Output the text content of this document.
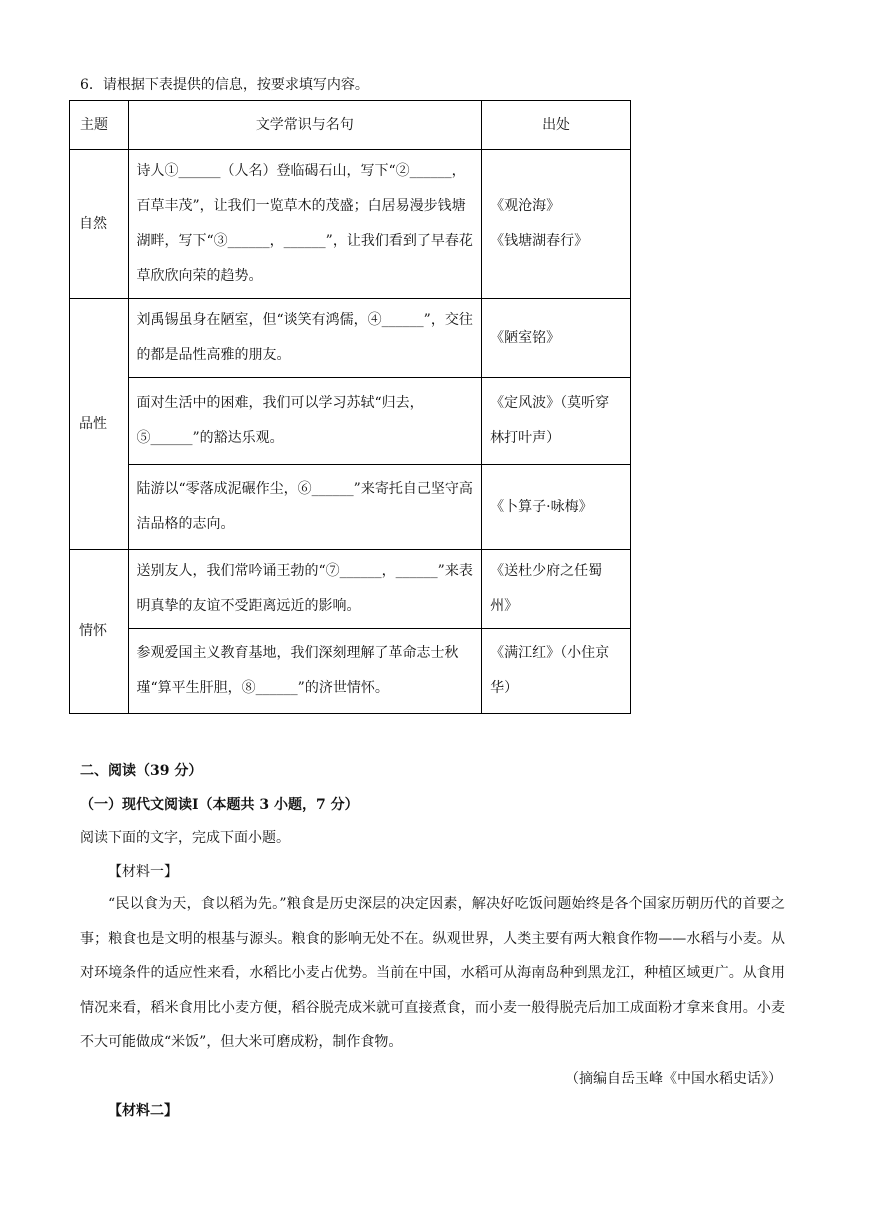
6．请根据下表提供的信息，按要求填写内容。
主题	文学常识与名句	出处
自然	诗人①______（人名）登临碣石山，写下“②______，百草丰茂”，让我们一览草木的茂盛；白居易漫步钱塘湖畔，写下“③______，______”，让我们看到了早春花草欣欣向荣的趋势。	《观沧海》
《钱塘湖春行》
品性	刘禹锡虽身在陋室，但“谈笑有鸿儒，④______”，交往的都是品性高雅的朋友。	《陋室铭》
	面对生活中的困难，我们可以学习苏轼“归去，⑤______”的豁达乐观。	《定风波》（莫听穿林打叶声）
	陆游以“零落成泥碾作尘，⑥______”来寄托自己坚守高洁品格的志向。	《卜算子·咏梅》
情怀	送别友人，我们常吟诵王勃的“⑦______，______”来表明真挚的友谊不受距离远近的影响。	《送杜少府之任蜀州》
	参观爱国主义教育基地，我们深刻理解了革命志士秋瑾“算平生肝胆，⑧______”的济世情怀。	《满江红》（小住京华）
二、阅读（39 分）
（一）现代文阅读Ⅰ（本题共 3 小题，7 分）
阅读下面的文字，完成下面小题。
【材料一】
“民以食为天，食以稻为先。”粮食是历史深层的决定因素，解决好吃饭问题始终是各个国家历朝历代的首要之事；粮食也是文明的根基与源头。粮食的影响无处不在。纵观世界，人类主要有两大粮食作物——水稻与小麦。从对环境条件的适应性来看，水稻比小麦占优势。当前在中国，水稻可从海南岛种到黑龙江，种植区域更广。从食用情况来看，稻米食用比小麦方便，稻谷脱壳成米就可直接煮食，而小麦一般得脱壳后加工成面粉才拿来食用。小麦不大可能做成“米饭”，但大米可磨成粉，制作食物。
（摘编自岳玉峰《中国水稻史话》）
【材料二】
